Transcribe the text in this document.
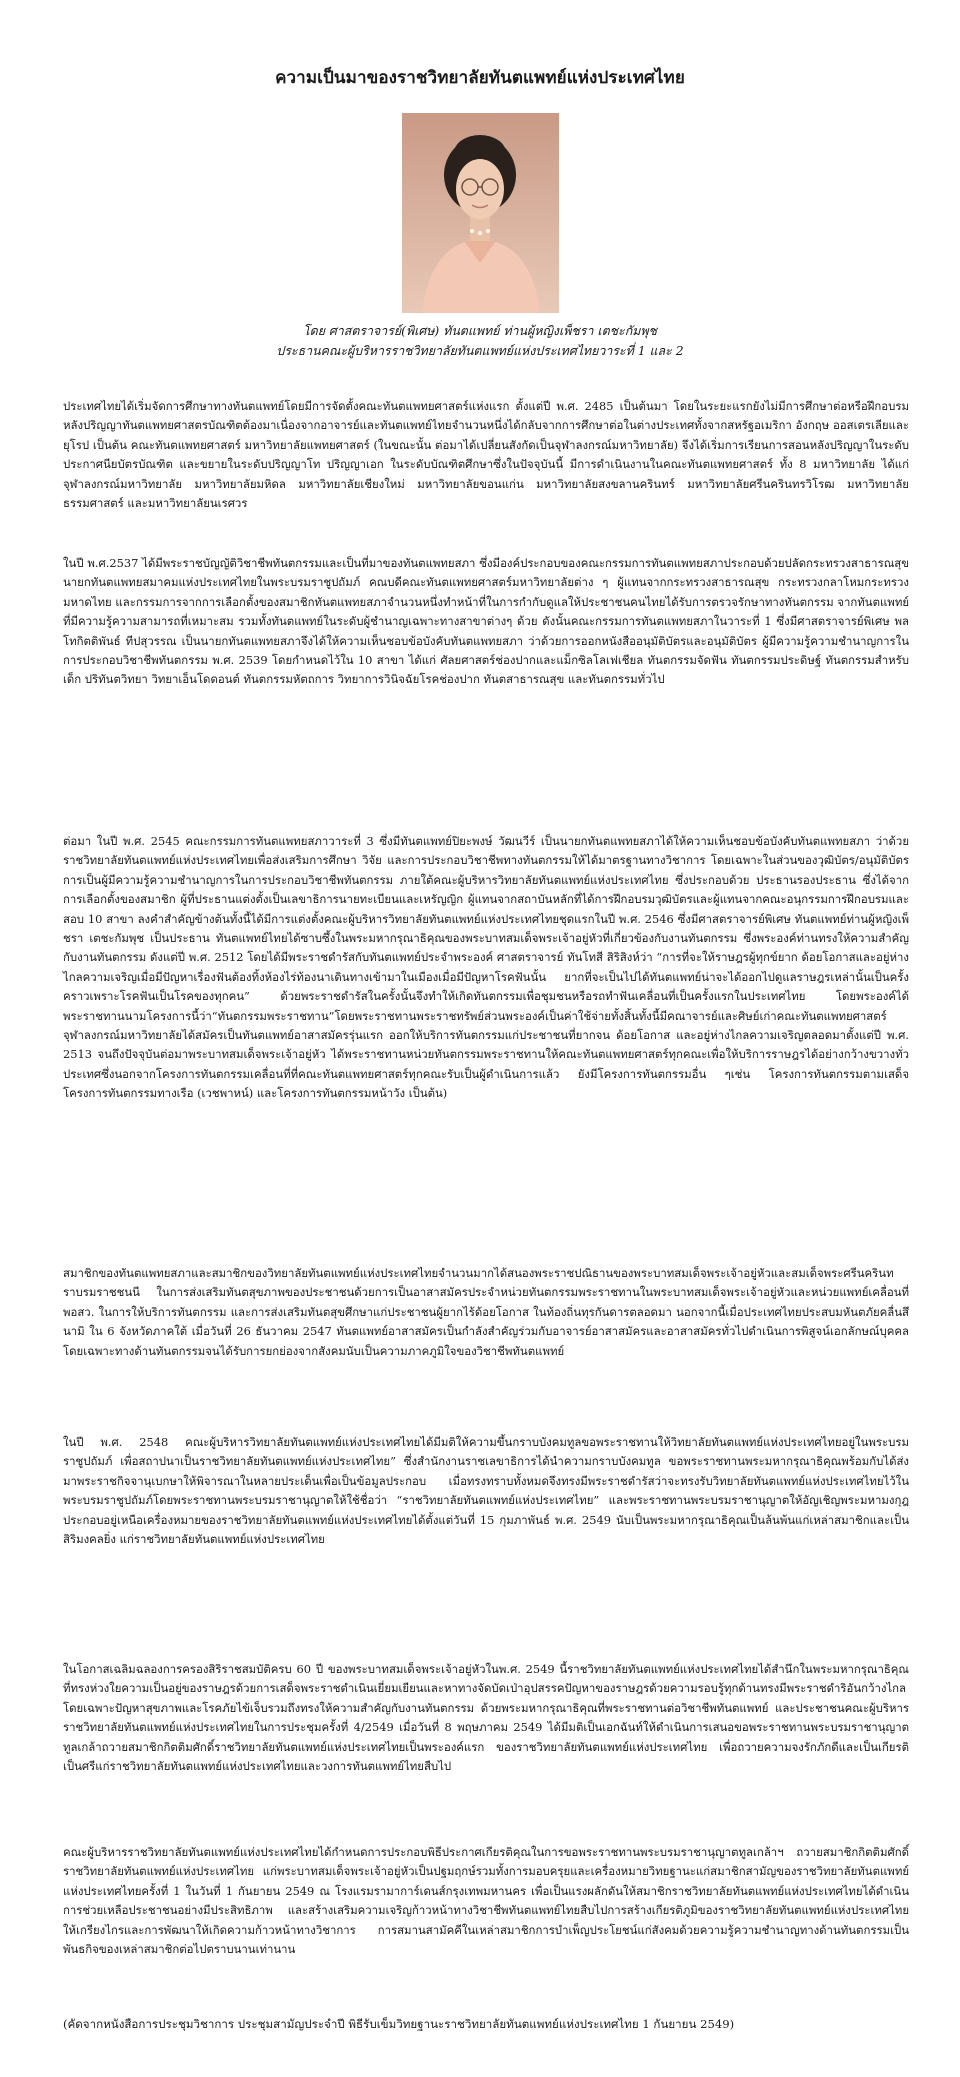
ความเป็นมาของราชวิทยาลัยทันตแพทย์แห่งประเทศไทย
โดย ศาสตราจารย์(พิเศษ) ทันตแพทย์ ท่านผู้หญิงเพ็ชรา เตชะกัมพุช
ประธานคณะผู้บริหารราชวิทยาลัยทันตแพทย์แห่งประเทศไทยวาระที่ 1 และ 2

ประเทศไทยได้เริ่มจัดการศึกษาทางทันตแพทย์โดยมีการจัดตั้งคณะทันตแพทยศาสตร์แห่งแรก ตั้งแต่ปี พ.ศ. 2485 เป็นต้นมา โดยในระยะแรกยังไม่มีการศึกษาต่อหรือฝึกอบรมหลังปริญญาทันตแพทยศาสตรบัณฑิตต้องมาเนื่องจากอาจารย์และทันตแพทย์ไทยจำนวนหนึ่งได้กลับจากการศึกษาต่อในต่างประเทศทั้งจากสหรัฐอเมริกา อังกฤษ ออสเตรเลียและยุโรป เป็นต้น คณะทันตแพทยศาสตร์ มหาวิทยาลัยแพทยศาสตร์ (ในขณะนั้น ต่อมาได้เปลี่ยนสังกัดเป็นจุฬาลงกรณ์มหาวิทยาลัย) จึงได้เริ่มการเรียนการสอนหลังปริญญาในระดับประกาศนียบัตรบัณฑิต และขยายในระดับปริญญาโท ปริญญาเอก ในระดับบัณฑิตศึกษาซึ่งในปัจจุบันนี้ มีการดำเนินงานในคณะทันตแพทยศาสตร์ ทั้ง 8 มหาวิทยาลัย ได้แก่จุฬาลงกรณ์มหาวิทยาลัย มหาวิทยาลัยมหิดล มหาวิทยาลัยเชียงใหม่ มหาวิทยาลัยขอนแก่น มหาวิทยาลัยสงขลานครินทร์ มหาวิทยาลัยศรีนครินทรวิโรฒ มหาวิทยาลัยธรรมศาสตร์ และมหาวิทยาลัยนเรศวร

ในปี พ.ศ.2537 ได้มีพระราชบัญญัติวิชาชีพทันตกรรมและเป็นที่มาของทันตแพทยสภา ซึ่งมีองค์ประกอบของคณะกรรมการทันตแพทยสภาประกอบด้วยปลัดกระทรวงสาธารณสุข นายกทันตแพทยสมาคมแห่งประเทศไทยในพระบรมราชูปถัมภ์ คณบดีคณะทันตแพทยศาสตร์มหาวิทยาลัยต่าง ๆ ผู้แทนจากกระทรวงสาธารณสุข กระทรวงกลาโหมกระทรวงมหาดไทย และกรรมการจากการเลือกตั้งของสมาชิกทันตแพทยสภาจำนวนหนึ่งทำหน้าที่ในการกำกับดูแลให้ประชาชนคนไทยได้รับการตรวจรักษาทางทันตกรรม จากทันตแพทย์ที่มีความรู้ความสามารถที่เหมาะสม รวมทั้งทันตแพทย์ในระดับผู้ชำนาญเฉพาะทางสาขาต่างๆ ด้วย ดังนั้นคณะกรรมการทันตแพทยสภาในวาระที่ 1 ซึ่งมีศาสตราจารย์พิเศษ พลโทกิตติพันธ์ ทีปสุวรรณ เป็นนายกทันตแพทยสภาจึงได้ให้ความเห็นชอบข้อบังคับทันตแพทยสภา ว่าด้วยการออกหนังสืออนุมัติบัตรและอนุมัติบัตร ผู้มีความรู้ความชำนาญการในการประกอบวิชาชีพทันตกรรม พ.ศ. 2539 โดยกำหนดไว้ใน 10 สาขา ได้แก่ ศัลยศาสตร์ช่องปากและแม็กซิลโลเฟเชียล ทันตกรรมจัดฟัน ทันตกรรมประดิษฐ์ ทันตกรรมสำหรับเด็ก ปริทันตวิทยา วิทยาเอ็นโดดอนต์ ทันตกรรมหัตถการ วิทยาการวินิจฉัยโรคช่องปาก ทันตสาธารณสุข และทันตกรรมทั่วไป

ต่อมา ในปี พ.ศ. 2545 คณะกรรมการทันตแพทยสภาวาระที่ 3 ซึ่งมีทันตแพทย์ปิยะพงษ์ วัฒนวีร์ เป็นนายกทันตแพทยสภาได้ให้ความเห็นชอบข้อบังคับทันตแพทยสภา ว่าด้วยราชวิทยาลัยทันตแพทย์แห่งประเทศไทยเพื่อส่งเสริมการศึกษา วิจัย และการประกอบวิชาชีพทางทันตกรรมให้ได้มาตรฐานทางวิชาการ โดยเฉพาะในส่วนของวุฒิบัตร/อนุมัติบัตรการเป็นผู้มีความรู้ความชำนาญการในการประกอบวิชาชีพทันตกรรม ภายใต้คณะผู้บริหารวิทยาลัยทันตแพทย์แห่งประเทศไทย ซึ่งประกอบด้วย ประธานรองประธาน ซึ่งได้จากการเลือกตั้งของสมาชิก ผู้ที่ประธานแต่งตั้งเป็นเลขาธิการนายทะเบียนและเหรัญญิก ผู้แทนจากสถาบันหลักที่ได้การฝึกอบรมวุฒิบัตรและผู้แทนจากคณะอนุกรรมการฝึกอบรมและสอบ 10 สาขา ลงคำสำคัญข้างต้นทั้งนี้ได้มีการแต่งตั้งคณะผู้บริหารวิทยาลัยทันตแพทย์แห่งประเทศไทยชุดแรกในปี พ.ศ. 2546 ซึ่งมีศาสตราจารย์พิเศษ ทันตแพทย์ท่านผู้หญิงเพ็ชรา เตชะกัมพุช เป็นประธาน ทันตแพทย์ไทยได้ซาบซึ้งในพระมหากรุณาธิคุณของพระบาทสมเด็จพระเจ้าอยู่หัวที่เกี่ยวข้องกับงานทันตกรรม ซึ่งพระองค์ท่านทรงให้ความสำคัญกับงานทันตกรรม ดังแต่ปี พ.ศ. 2512 โดยได้มีพระราชดำรัสกับทันตแพทย์ประจำพระองค์ ศาสตราจารย์ ทันโทสี สิริสิงห์ว่า “การที่จะให้ราษฎรผู้ทุกข์ยาก ด้อยโอกาสและอยู่ห่างไกลความเจริญเมื่อมีปัญหาเรื่องฟันต้องทิ้งห้องไร่ท้องนาเดินทางเข้ามาในเมืองเมื่อมีปัญหาโรคฟันนั้น ยากที่จะเป็นไปได้ทันตแพทย์น่าจะได้ออกไปดูแลราษฎรเหล่านั้นเป็นครั้งคราวเพราะโรคฟันเป็นโรคของทุกคน” ด้วยพระราชดำรัสในครั้งนั้นจึงทำให้เกิดทันตกรรมเพื่อชุมชนหรือรถทำฟันเคลื่อนที่เป็นครั้งแรกในประเทศไทย โดยพระองค์ได้พระราชทานนามโครงการนี้ว่า“ทันตกรรมพระราชทาน”โดยพระราชทานพระราชทรัพย์ส่วนพระองค์เป็นค่าใช้จ่ายทั้งสิ้นทั้งนี้มีคณาจารย์และศิษย์เก่าคณะทันตแพทยศาสตร์ จุฬาลงกรณ์มหาวิทยาลัยได้สมัครเป็นทันตแพทย์อาสาสมัครรุ่นแรก ออกให้บริการทันตกรรมแก่ประชาชนที่ยากจน ด้อยโอกาส และอยู่ห่างไกลความเจริญตลอดมาตั้งแต่ปี พ.ศ. 2513 จนถึงปัจจุบันต่อมาพระบาทสมเด็จพระเจ้าอยู่หัว ได้พระราชทานหน่วยทันตกรรมพระราชทานให้คณะทันตแพทยศาสตร์ทุกคณะเพื่อให้บริการราษฎรได้อย่างกว้างขวางทั่วประเทศซึ่งนอกจากโครงการทันตกรรมเคลื่อนที่ที่คณะทันตแพทยศาสตร์ทุกคณะรับเป็นผู้ดำเนินการแล้ว ยังมีโครงการทันตกรรมอื่น ๆเช่น โครงการทันตกรรมตามเสด็จ โครงการทันตกรรมทางเรือ (เวชพาหน์) และโครงการทันตกรรมหน้าวัง เป็นต้น)

สมาชิกของทันตแพทยสภาและสมาชิกของวิทยาลัยทันตแพทย์แห่งประเทศไทยจำนวนมากได้สนองพระราชปณิธานของพระบาทสมเด็จพระเจ้าอยู่หัวและสมเด็จพระศรีนครินทราบรมราชชนนี ในการส่งเสริมทันตสุขภาพของประชาชนด้วยการเป็นอาสาสมัครประจำหน่วยทันตกรรมพระราชทานในพระบาทสมเด็จพระเจ้าอยู่หัวและหน่วยแพทย์เคลื่อนที่ พอสว. ในการให้บริการทันตกรรม และการส่งเสริมทันตสุขศึกษาแก่ประชาชนผู้ยากไร้ด้อยโอกาส ในท้องถิ่นทุรกันดารตลอดมา นอกจากนี้เมื่อประเทศไทยประสบมหันตภัยคลื่นสึนามิ ใน 6 จังหวัดภาคใต้ เมื่อวันที่ 26 ธันวาคม 2547 ทันตแพทย์อาสาสมัครเป็นกำลังสำคัญร่วมกับอาจารย์อาสาสมัครและอาสาสมัครทั่วไปดำเนินการพิสูจน์เอกลักษณ์บุคคลโดยเฉพาะทางด้านทันตกรรมจนได้รับการยกย่องจากสังคมนับเป็นความภาคภูมิใจของวิชาชีพทันตแพทย์

ในปี พ.ศ. 2548 คณะผู้บริหารวิทยาลัยทันตแพทย์แห่งประเทศไทยได้มีมติให้ความขึ้นกราบบังคมทูลขอพระราชทานให้วิทยาลัยทันตแพทย์แห่งประเทศไทยอยู่ในพระบรมราชูปถัมภ์ เพื่อสถาปนาเป็นราชวิทยาลัยทันตแพทย์แห่งประเทศไทย” ซึ่งสำนักงานราชเลขาธิการได้นำความกราบบังคมทูล ขอพระราชทานพระมหากรุณาธิคุณพร้อมกับได้ส่งมาพระราชกิจจานุเบกษาให้พิจารณาในหลายประเด็นเพื่อเป็นข้อมูลประกอบ เมื่อทรงทราบทั้งหมดจึงทรงมีพระราชดำรัสว่าจะทรงรับวิทยาลัยทันตแพทย์แห่งประเทศไทยไว้ในพระบรมราชูปถัมภ์โดยพระราชทานพระบรมราชานุญาตให้ใช้ชื่อว่า “ราชวิทยาลัยทันตแพทย์แห่งประเทศไทย” และพระราชทานพระบรมราชานุญาตให้อัญเชิญพระมหามงกุฎประกอบอยู่เหนือเครื่องหมายของราชวิทยาลัยทันตแพทย์แห่งประเทศไทยได้ตั้งแต่วันที่ 15 กุมภาพันธ์ พ.ศ. 2549 นับเป็นพระมหากรุณาธิคุณเป็นล้นพ้นแก่เหล่าสมาชิกและเป็นสิริมงคลยิ่ง แก่ราชวิทยาลัยทันตแพทย์แห่งประเทศไทย

ในโอกาสเฉลิมฉลองการครองสิริราชสมบัติครบ 60 ปี ของพระบาทสมเด็จพระเจ้าอยู่หัวในพ.ศ. 2549 นี้ราชวิทยาลัยทันตแพทย์แห่งประเทศไทยได้สำนึกในพระมหากรุณาธิคุณที่ทรงห่วงใยความเป็นอยู่ของราษฎรด้วยการเสด็จพระราชดำเนินเยี่ยมเยียนและหาทางจัดบัดเป่าอุปสรรคปัญหาของราษฎรด้วยความรอบรู้ทุกด้านทรงมีพระราชดำริอันกว้างไกลโดยเฉพาะปัญหาสุขภาพและโรคภัยไข้เจ็บรวมถึงทรงให้ความสำคัญกับงานทันตกรรม ด้วยพระมหากรุณาธิคุณที่พระราชทานต่อวิชาชีพทันตแพทย์ และประชาชนคณะผู้บริหารราชวิทยาลัยทันตแพทย์แห่งประเทศไทยในการประชุมครั้งที่ 4/2549 เมื่อวันที่ 8 พฤษภาคม 2549 ได้มีมติเป็นเอกฉันท์ให้ดำเนินการเสนอขอพระราชทานพระบรมราชานุญาตทูลเกล้าถวายสมาชิกกิตติมศักดิ์ราชวิทยาลัยทันตแพทย์แห่งประเทศไทยเป็นพระองค์แรก ของราชวิทยาลัยทันตแพทย์แห่งประเทศไทย เพื่อถวายความจงรักภักดีและเป็นเกียรติเป็นศรีแก่ราชวิทยาลัยทันตแพทย์แห่งประเทศไทยและวงการทันตแพทย์ไทยสืบไป

คณะผู้บริหารราชวิทยาลัยทันตแพทย์แห่งประเทศไทยได้กำหนดการประกอบพิธีประกาศเกียรติคุณในการขอพระราชทานพระบรมราชานุญาตทูลเกล้าฯ ถวายสมาชิกกิตติมศักดิ์ ราชวิทยาลัยทันตแพทย์แห่งประเทศไทย แก่พระบาทสมเด็จพระเจ้าอยู่หัวเป็นปฐมฤกษ์รวมทั้งการมอบครุยและเครื่องหมายวิทยฐานะแก่สมาชิกสามัญของราชวิทยาลัยทันตแพทย์แห่งประเทศไทยครั้งที่ 1 ในวันที่ 1 กันยายน 2549 ณ โรงแรมรามาการ์เดนส์กรุงเทพมหานคร เพื่อเป็นแรงผลักดันให้สมาชิกราชวิทยาลัยทันตแพทย์แห่งประเทศไทยได้ดำเนินการช่วยเหลือประชาชนอย่างมีประสิทธิภาพ และสร้างเสริมความเจริญก้าวหน้าทางวิชาชีพทันตแพทย์ไทยสืบไปการสร้างเกียรติภูมิของราชวิทยาลัยทันตแพทย์แห่งประเทศไทย ให้เกรียงไกรและการพัฒนาให้เกิดความก้าวหน้าทางวิชาการ การสมานสามัคคีในเหล่าสมาชิกการบำเพ็ญประโยชน์แก่สังคมด้วยความรู้ความชำนาญทางด้านทันตกรรมเป็นพันธกิจของเหล่าสมาชิกต่อไปตราบนานเท่านาน

(คัดจากหนังสือการประชุมวิชาการ ประชุมสามัญประจำปี พิธีรับเข็มวิทยฐานะราชวิทยาลัยทันตแพทย์แห่งประเทศไทย 1 กันยายน 2549)
